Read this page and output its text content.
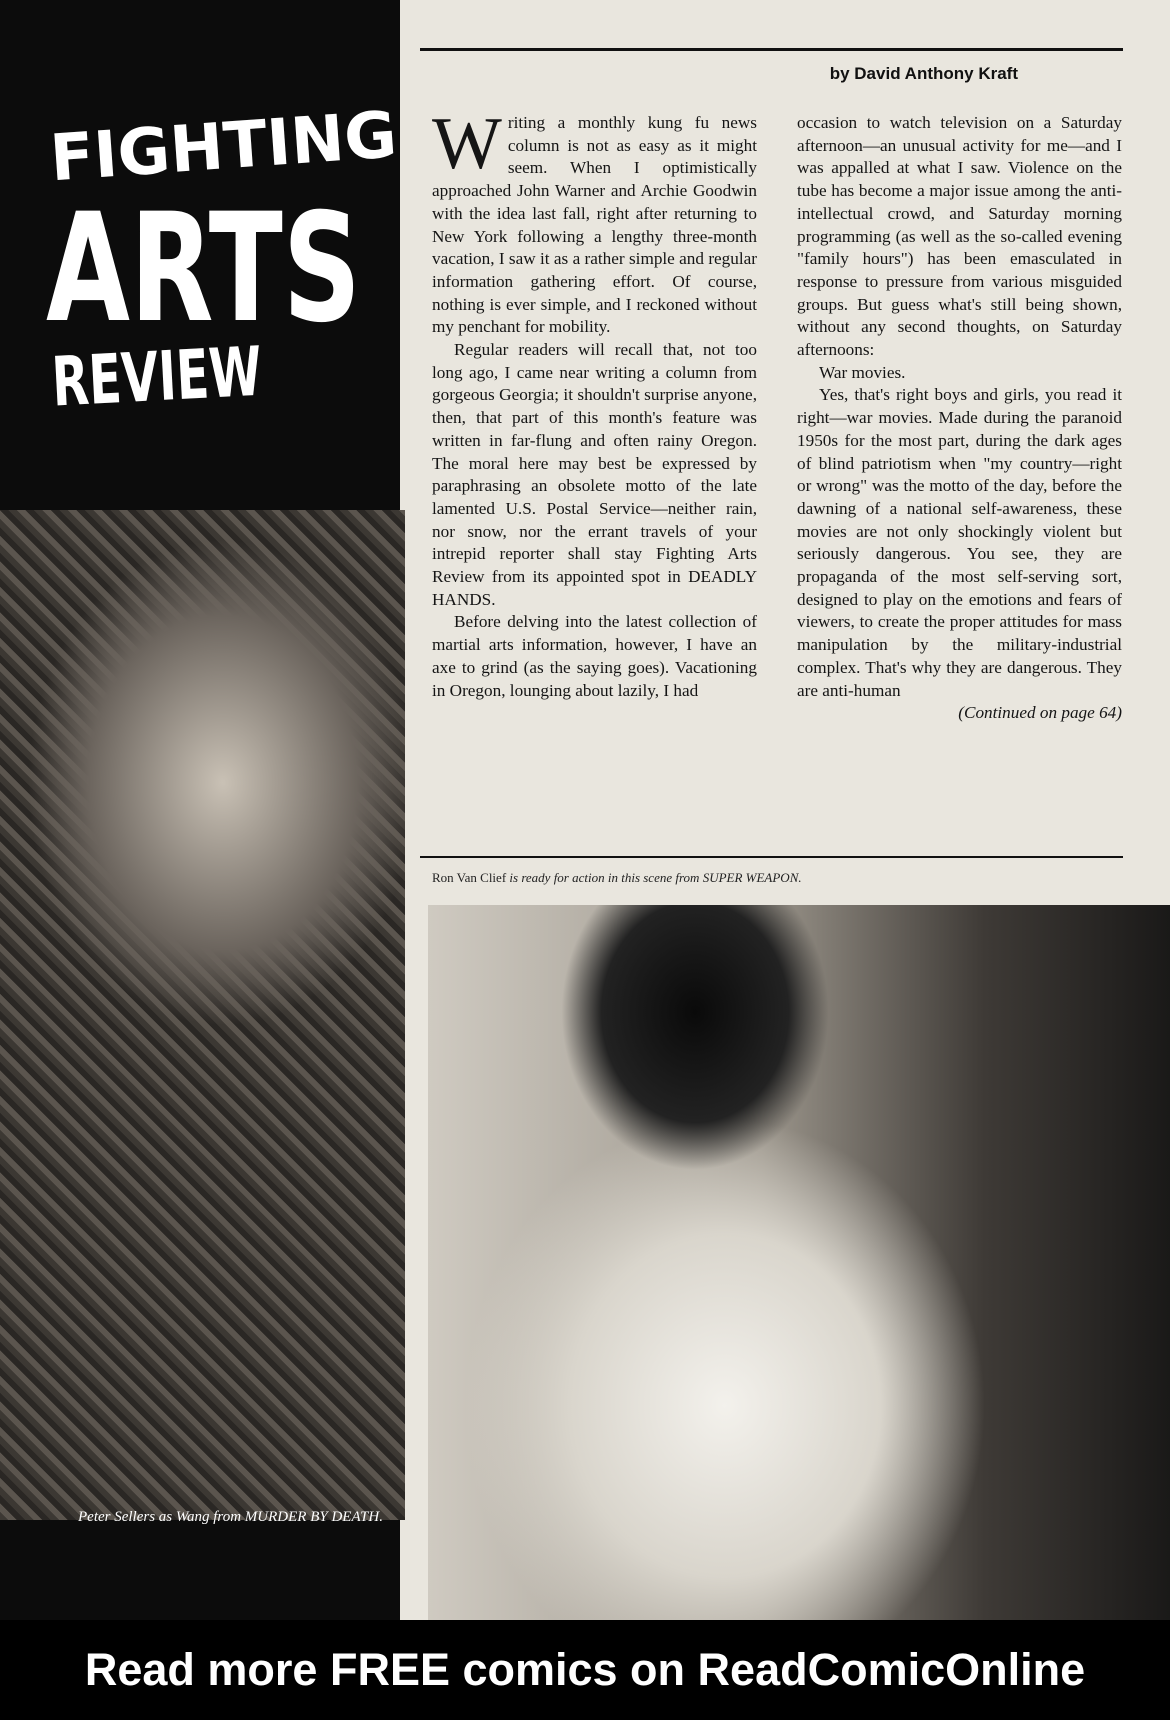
FIGHTING
ARTS
REVIEW
Peter Sellers as Wang from MURDER BY DEATH.
by David Anthony Kraft

Writing a monthly kung fu news column is not as easy as it might seem. When I optimistically approached John Warner and Archie Goodwin with the idea last fall, right after returning to New York following a lengthy three-month vacation, I saw it as a rather simple and regular information gathering effort. Of course, nothing is ever simple, and I reckoned without my penchant for mobility.

Regular readers will recall that, not too long ago, I came near writing a column from gorgeous Georgia; it shouldn't surprise anyone, then, that part of this month's feature was written in far-flung and often rainy Oregon. The moral here may best be expressed by paraphrasing an obsolete motto of the late lamented U.S. Postal Service—neither rain, nor snow, nor the errant travels of your intrepid reporter shall stay Fighting Arts Review from its appointed spot in DEADLY HANDS.

Before delving into the latest collection of martial arts information, however, I have an axe to grind (as the saying goes). Vacationing in Oregon, lounging about lazily, I had

occasion to watch television on a Saturday afternoon—an unusual activity for me—and I was appalled at what I saw. Violence on the tube has become a major issue among the anti-intellectual crowd, and Saturday morning programming (as well as the so-called evening "family hours") has been emasculated in response to pressure from various misguided groups. But guess what's still being shown, without any second thoughts, on Saturday afternoons:

War movies.

Yes, that's right boys and girls, you read it right—war movies. Made during the paranoid 1950s for the most part, during the dark ages of blind patriotism when "my country—right or wrong" was the motto of the day, before the dawning of a national self-awareness, these movies are not only shockingly violent but seriously dangerous. You see, they are propaganda of the most self-serving sort, designed to play on the emotions and fears of viewers, to create the proper attitudes for mass manipulation by the military-industrial complex. That's why they are dangerous. They are anti-human

(Continued on page 64)
Ron Van Clief is ready for action in this scene from SUPER WEAPON.
Read more FREE comics on ReadComicOnline
